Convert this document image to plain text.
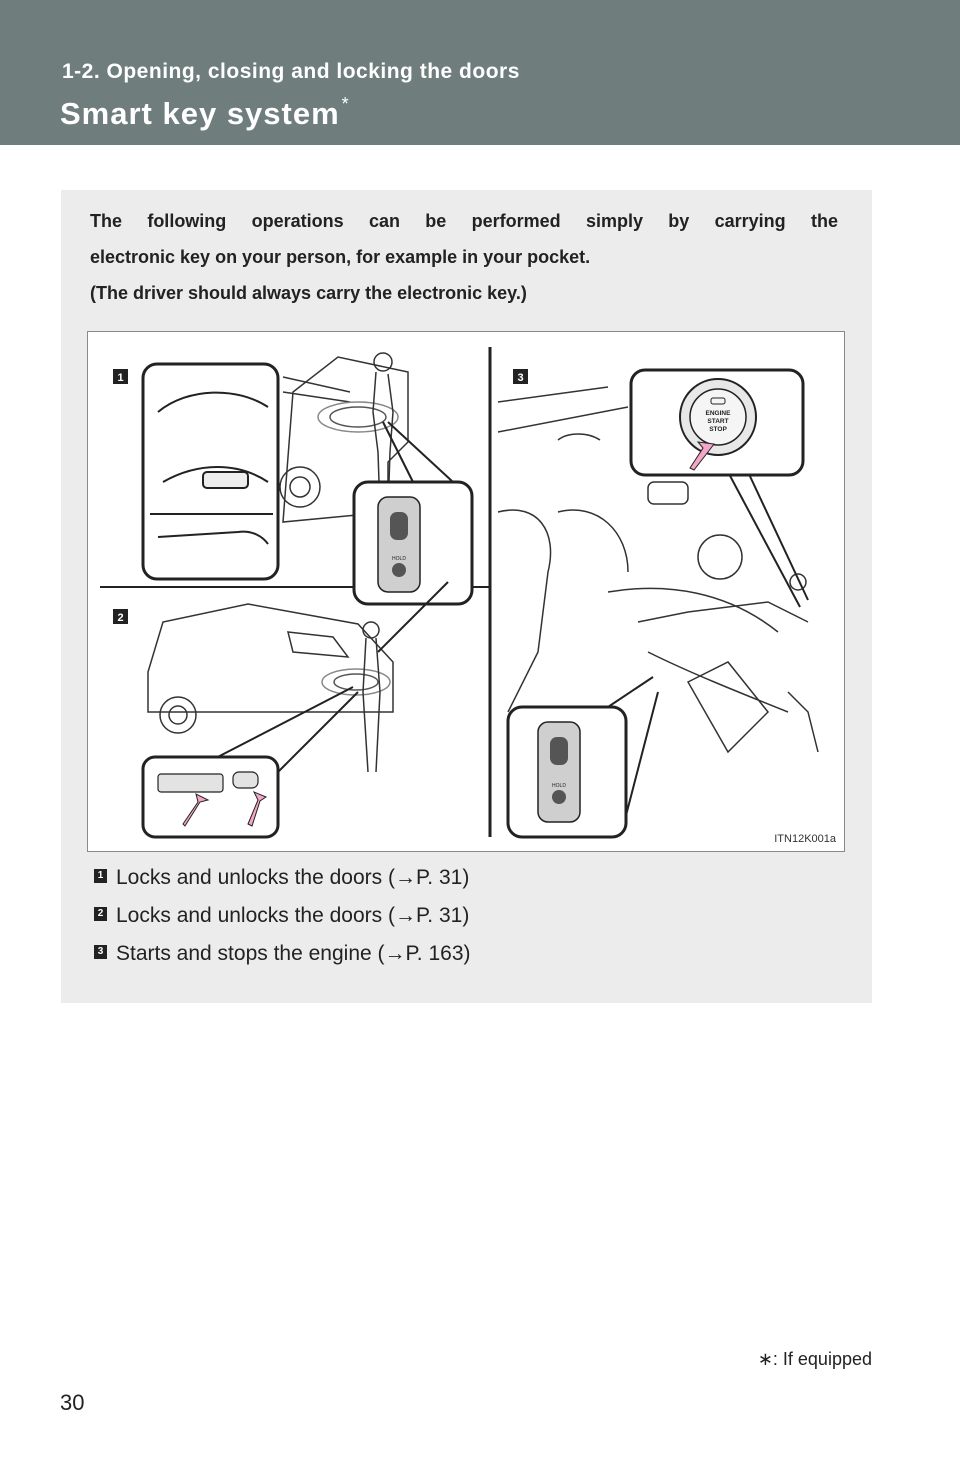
1-2. Opening, closing and locking the doors
Smart key system *

The following operations can be performed simply by carrying the

electronic key on your person, for example in your pocket.

(The driver should always carry the electronic key.)

1	3
2
HOLD
ENGINE
START
STOP
HOLD
ITN12K001a
1 Locks and unlocks the doors (→P. 31)
2 Locks and unlocks the doors (→P. 31)
3 Starts and stops the engine (→P. 163)
∗: If equipped
30
